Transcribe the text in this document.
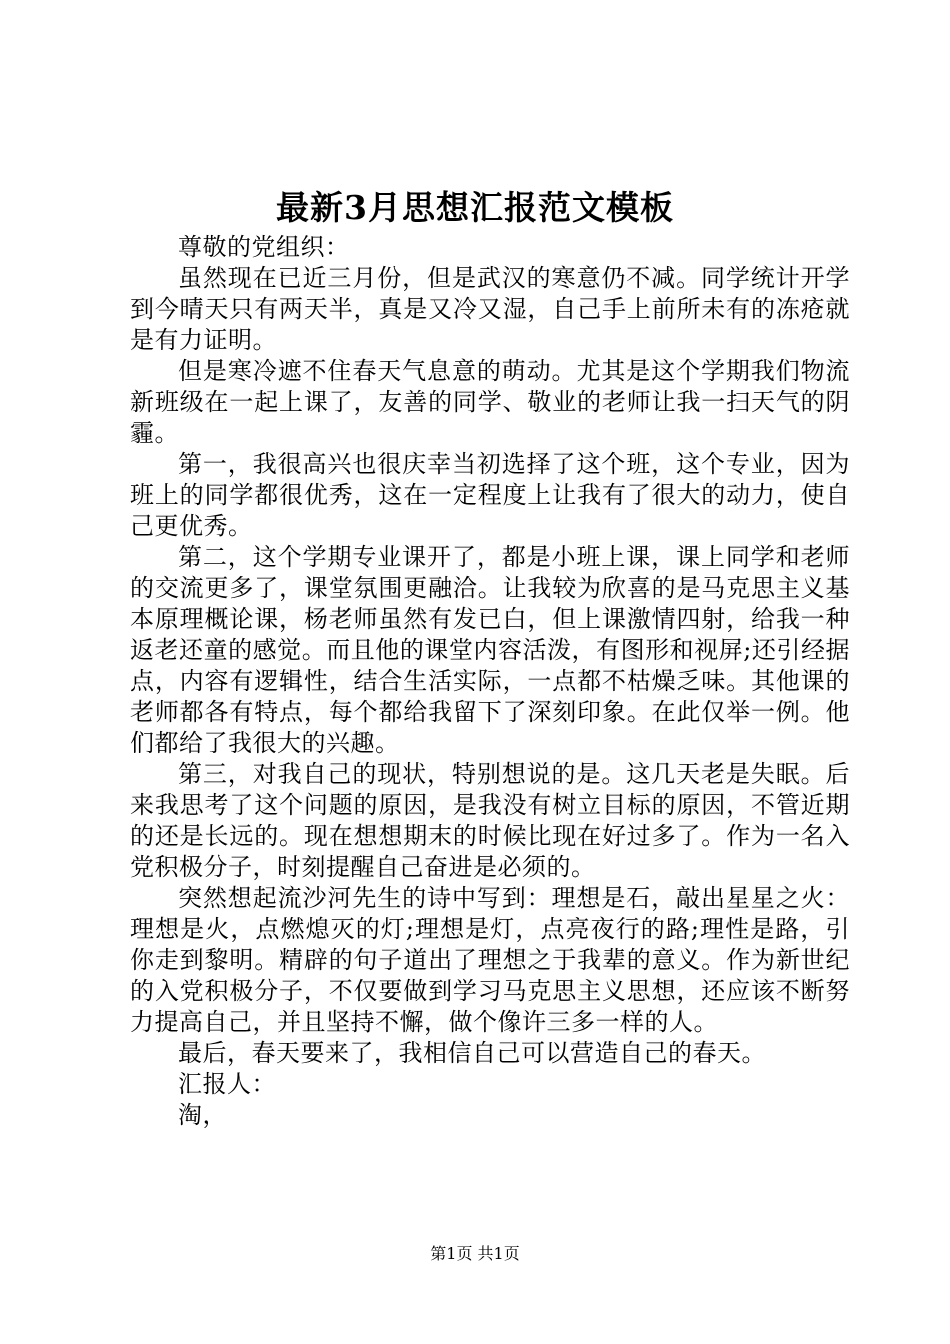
最新3月思想汇报范文模板

尊敬的党组织：

虽然现在已近三月份，但是武汉的寒意仍不减。同学统计开学到今晴天只有两天半，真是又冷又湿，自己手上前所未有的冻疮就是有力证明。

但是寒冷遮不住春天气息意的萌动。尤其是这个学期我们物流新班级在一起上课了，友善的同学、敬业的老师让我一扫天气的阴霾。

第一，我很高兴也很庆幸当初选择了这个班，这个专业，因为班上的同学都很优秀，这在一定程度上让我有了很大的动力，使自己更优秀。

第二，这个学期专业课开了，都是小班上课，课上同学和老师的交流更多了，课堂氛围更融洽。让我较为欣喜的是马克思主义基本原理概论课，杨老师虽然有发已白，但上课激情四射，给我一种返老还童的感觉。而且他的课堂内容活泼，有图形和视屏;还引经据点，内容有逻辑性，结合生活实际，一点都不枯燥乏味。其他课的老师都各有特点，每个都给我留下了深刻印象。在此仅举一例。他们都给了我很大的兴趣。

第三，对我自己的现状，特别想说的是。这几天老是失眠。后来我思考了这个问题的原因，是我没有树立目标的原因，不管近期的还是长远的。现在想想期末的时候比现在好过多了。作为一名入党积极分子，时刻提醒自己奋进是必须的。

突然想起流沙河先生的诗中写到：理想是石，敲出星星之火：理想是火，点燃熄灭的灯;理想是灯，点亮夜行的路;理性是路，引你走到黎明。精辟的句子道出了理想之于我辈的意义。作为新世纪的入党积极分子，不仅要做到学习马克思主义思想，还应该不断努力提高自己，并且坚持不懈，做个像许三多一样的人。

最后，春天要来了，我相信自己可以营造自己的春天。

汇报人：

淘，

第1页 共1页
